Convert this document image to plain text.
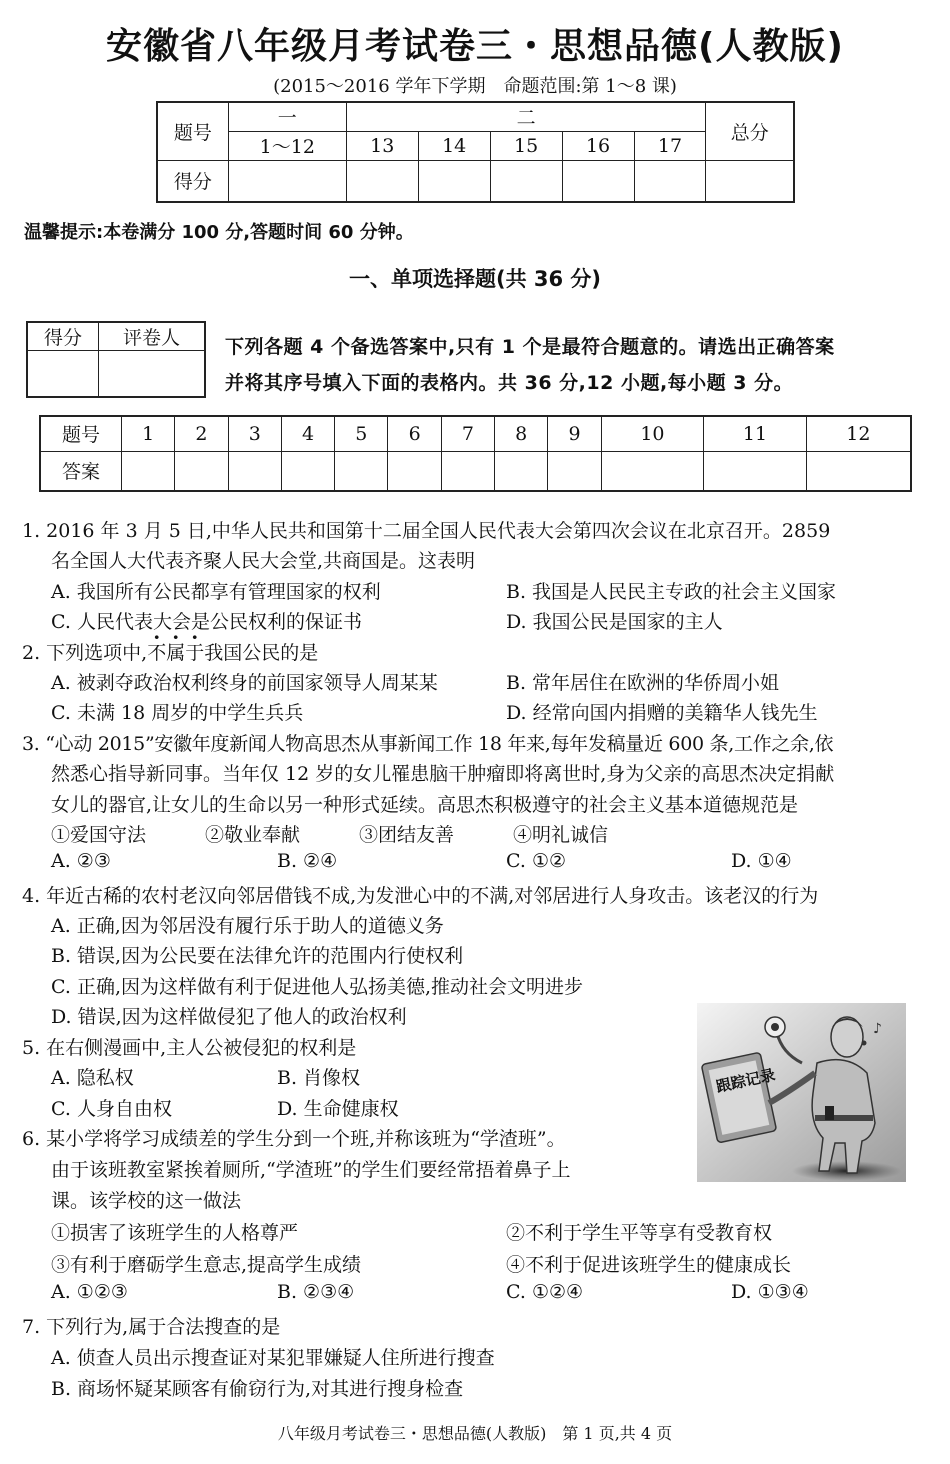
安徽省八年级月考试卷三・思想品德(人教版)
(2015～2016 学年下学期　命题范围:第 1～8 课)
题号	一	二					总分
	1～12	13	14	15	16	17	
得分							
温馨提示:本卷满分 100 分,答题时间 60 分钟。
一、单项选择题(共 36 分)
得分	评卷人
	下列各题 4 个备选答案中,只有 1 个是最符合题意的。请选出正确答案
并将其序号填入下面的表格内。共 36 分,12 小题,每小题 3 分。
题号	1	2	3	4	5	6	7	8	9	10	11	12
答案												
1. 2016 年 3 月 5 日,中华人民共和国第十二届全国人民代表大会第四次会议在北京召开。2859
名全国人大代表齐聚人民大会堂,共商国是。这表明
A. 我国所有公民都享有管理国家的权利	B. 我国是人民民主专政的社会主义国家
C. 人民代表大会是公民权利的保证书	D. 我国公民是国家的主人
2. 下列选项中,不属于我国公民的是
A. 被剥夺政治权利终身的前国家领导人周某某	B. 常年居住在欧洲的华侨周小姐
C. 未满 18 周岁的中学生兵兵	D. 经常向国内捐赠的美籍华人钱先生
3. “心动 2015”安徽年度新闻人物高思杰从事新闻工作 18 年来,每年发稿量近 600 条,工作之余,依
然悉心指导新同事。当年仅 12 岁的女儿罹患脑干肿瘤即将离世时,身为父亲的高思杰决定捐献
女儿的器官,让女儿的生命以另一种形式延续。高思杰积极遵守的社会主义基本道德规范是
①爱国守法	②敬业奉献	③团结友善	④明礼诚信
A. ②③	B. ②④	C. ①②	D. ①④
4. 年近古稀的农村老汉向邻居借钱不成,为发泄心中的不满,对邻居进行人身攻击。该老汉的行为
A. 正确,因为邻居没有履行乐于助人的道德义务
B. 错误,因为公民要在法律允许的范围内行使权利
C. 正确,因为这样做有利于促进他人弘扬美德,推动社会文明进步
D. 错误,因为这样做侵犯了他人的政治权利
5. 在右侧漫画中,主人公被侵犯的权利是
A. 隐私权	B. 肖像权
C. 人身自由权	D. 生命健康权
♪
跟踪记录
6. 某小学将学习成绩差的学生分到一个班,并称该班为“学渣班”。
由于该班教室紧挨着厕所,“学渣班”的学生们要经常捂着鼻子上
课。该学校的这一做法
①损害了该班学生的人格尊严	②不利于学生平等享有受教育权
③有利于磨砺学生意志,提高学生成绩	④不利于促进该班学生的健康成长
A. ①②③	B. ②③④	C. ①②④	D. ①③④
7. 下列行为,属于合法搜查的是
A. 侦查人员出示搜查证对某犯罪嫌疑人住所进行搜查
B. 商场怀疑某顾客有偷窃行为,对其进行搜身检查
八年级月考试卷三・思想品德(人教版)　第 1 页,共 4 页
